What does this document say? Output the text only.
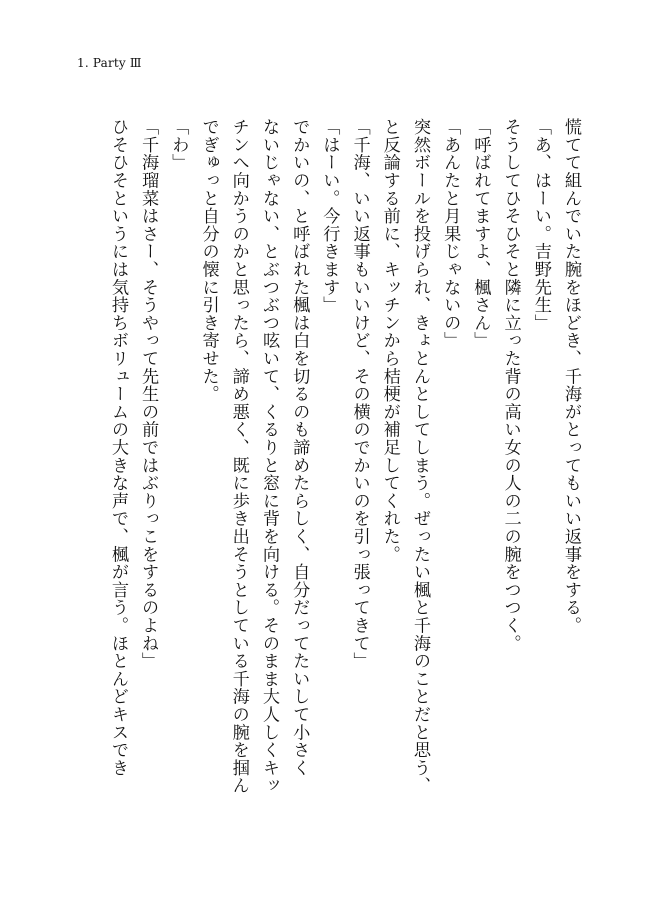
1. Party Ⅲ
慌てて組んでいた腕をほどき、千海がとってもいい返事をする。
「あ、はーい。吉野先生」
そうしてひそひそと隣に立った背の高い女の人の二の腕をつつく。
「呼ばれてますよ、楓さん」
「あんたと月果じゃないの」
突然ボールを投げられ、きょとんとしてしまう。ぜったい楓と千海のことだと思う、
と反論する前に、キッチンから桔梗が補足してくれた。
「千海、いい返事もいいけど、その横のでかいのを引っ張ってきて」
「はーい。今行きます」
でかいの、と呼ばれた楓は白を切るのも諦めたらしく、自分だってたいして小さく
ないじゃない、とぶつぶつ呟いて、くるりと窓に背を向ける。そのまま大人しくキッ
チンへ向かうのかと思ったら、諦め悪く、既に歩き出そうとしている千海の腕を掴ん
でぎゅっと自分の懐に引き寄せた。
「わ」
「千海瑠菜はさー、そうやって先生の前ではぶりっこをするのよね」
ひそひそというには気持ちボリュームの大きな声で、楓が言う。ほとんどキスでき
